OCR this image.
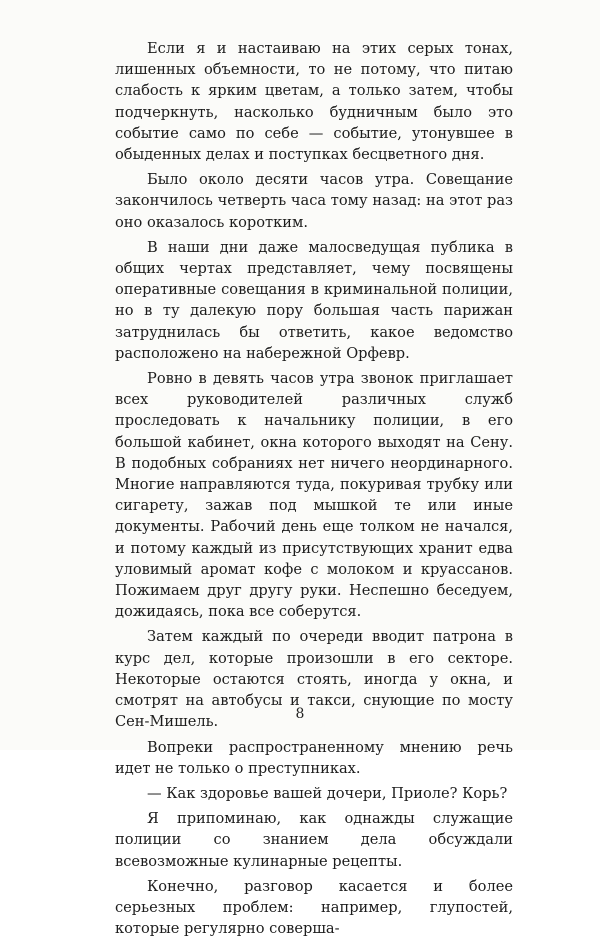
Если я и настаиваю на этих серых тонах, лишенных объемности, то не потому, что питаю слабость к ярким цветам, а только затем, чтобы подчеркнуть, насколько будничным было это событие само по себе — событие, утонувшее в обыденных делах и поступках бесцветного дня.

Было около десяти часов утра. Совещание закончилось четверть часа тому назад: на этот раз оно оказалось коротким.

В наши дни даже малосведущая публика в общих чертах представляет, чему посвящены оперативные совещания в криминальной полиции, но в ту далекую пору большая часть парижан затруднилась бы ответить, какое ведомство расположено на набережной Орфевр.

Ровно в девять часов утра звонок приглашает всех руководителей различных служб проследовать к начальнику полиции, в его большой кабинет, окна которого выходят на Сену. В подобных собраниях нет ничего неординарного. Многие направляются туда, покуривая трубку или сигарету, зажав под мышкой те или иные документы. Рабочий день еще толком не начался, и потому каждый из присутствующих хранит едва уловимый аромат кофе с молоком и круассанов. Пожимаем друг другу руки. Неспешно беседуем, дожидаясь, пока все соберутся.

Затем каждый по очереди вводит патрона в курс дел, которые произошли в его секторе. Некоторые остаются стоять, иногда у окна, и смотрят на автобусы и такси, снующие по мосту Сен-Мишель.

Вопреки распространенному мнению речь идет не только о преступниках.

— Как здоровье вашей дочери, Приоле? Корь?

Я припоминаю, как однажды служащие полиции со знанием дела обсуждали всевозможные кулинарные рецепты.

Конечно, разговор касается и более серьезных проблем: например, глупостей, которые регулярно соверша-

8
